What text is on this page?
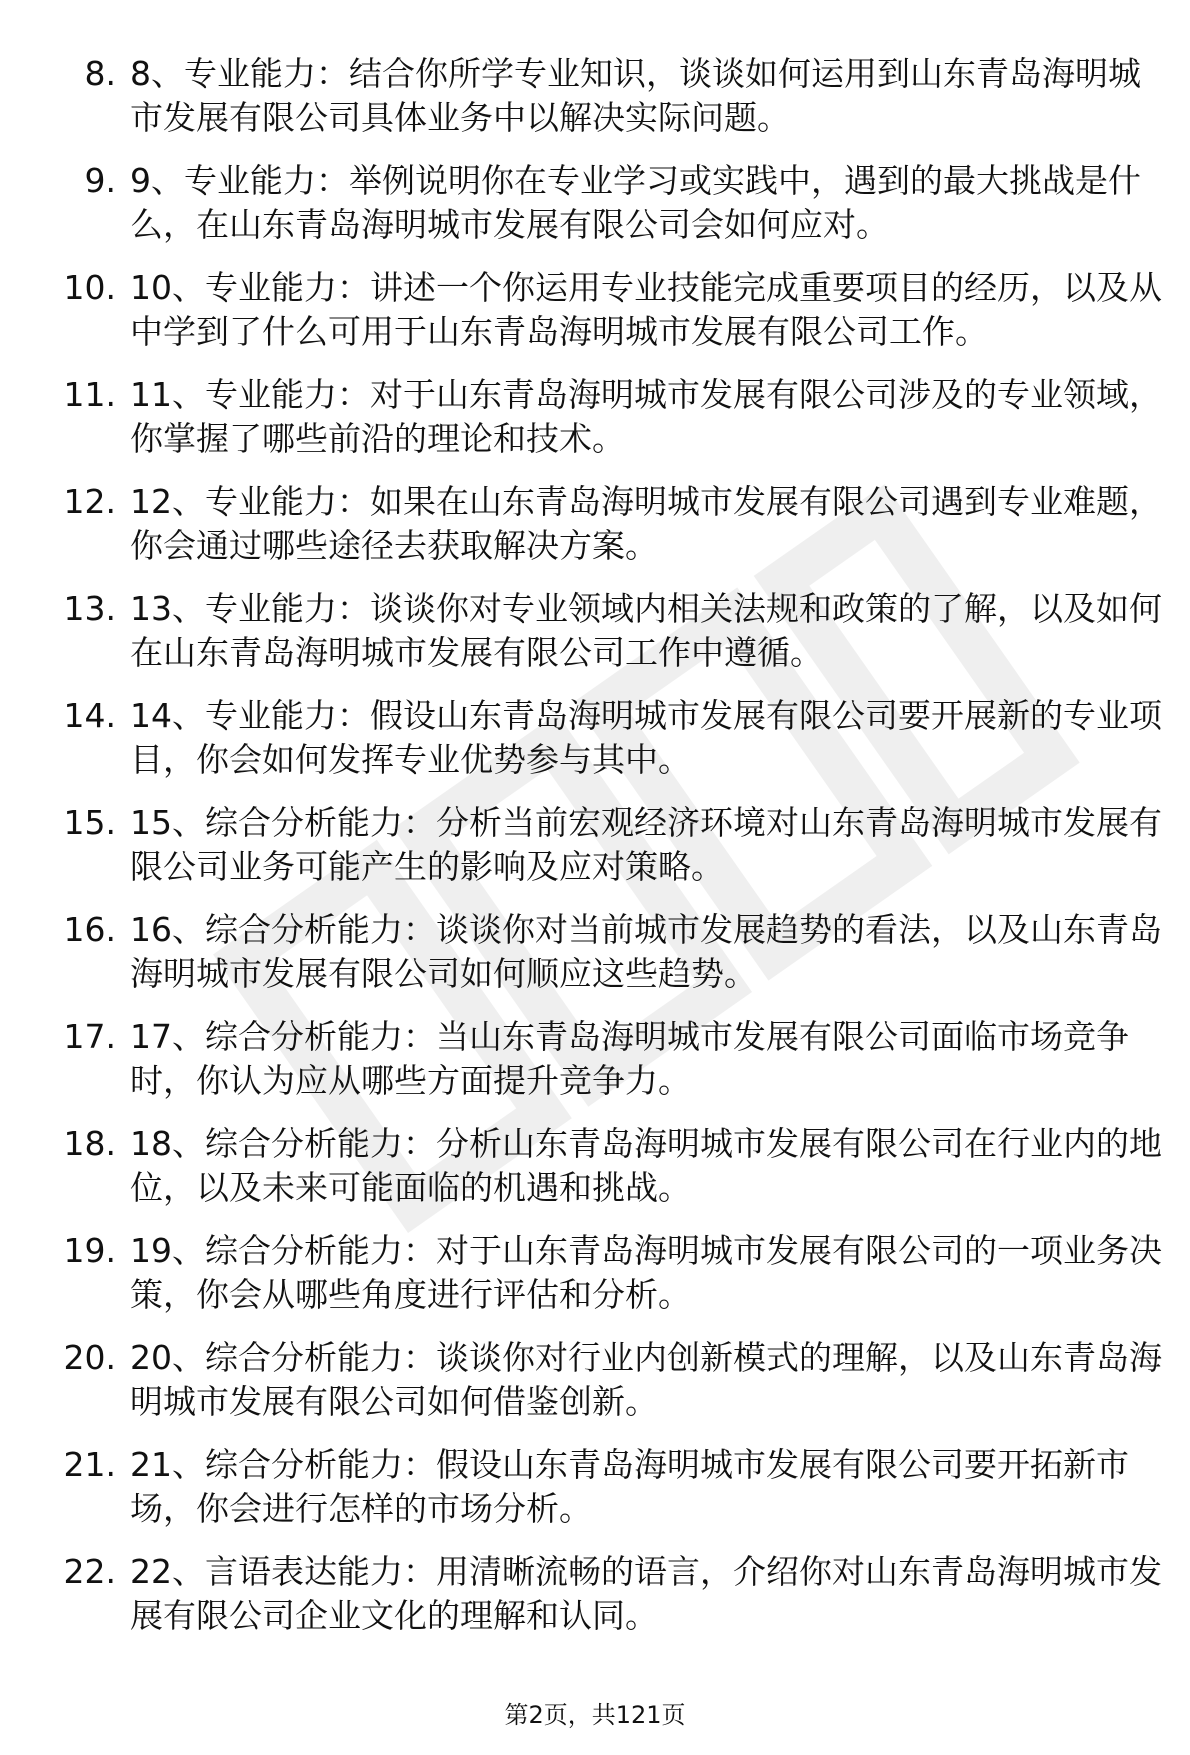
8. 8、专业能力：结合你所学专业知识，谈谈如何运用到山东青岛海明城市发展有限公司具体业务中以解决实际问题。
9. 9、专业能力：举例说明你在专业学习或实践中，遇到的最大挑战是什么，在山东青岛海明城市发展有限公司会如何应对。
10. 10、专业能力：讲述一个你运用专业技能完成重要项目的经历，以及从中学到了什么可用于山东青岛海明城市发展有限公司工作。
11. 11、专业能力：对于山东青岛海明城市发展有限公司涉及的专业领域，你掌握了哪些前沿的理论和技术。
12. 12、专业能力：如果在山东青岛海明城市发展有限公司遇到专业难题，你会通过哪些途径去获取解决方案。
13. 13、专业能力：谈谈你对专业领域内相关法规和政策的了解，以及如何在山东青岛海明城市发展有限公司工作中遵循。
14. 14、专业能力：假设山东青岛海明城市发展有限公司要开展新的专业项目，你会如何发挥专业优势参与其中。
15. 15、综合分析能力：分析当前宏观经济环境对山东青岛海明城市发展有限公司业务可能产生的影响及应对策略。
16. 16、综合分析能力：谈谈你对当前城市发展趋势的看法，以及山东青岛海明城市发展有限公司如何顺应这些趋势。
17. 17、综合分析能力：当山东青岛海明城市发展有限公司面临市场竞争时，你认为应从哪些方面提升竞争力。
18. 18、综合分析能力：分析山东青岛海明城市发展有限公司在行业内的地位，以及未来可能面临的机遇和挑战。
19. 19、综合分析能力：对于山东青岛海明城市发展有限公司的一项业务决策，你会从哪些角度进行评估和分析。
20. 20、综合分析能力：谈谈你对行业内创新模式的理解，以及山东青岛海明城市发展有限公司如何借鉴创新。
21. 21、综合分析能力：假设山东青岛海明城市发展有限公司要开拓新市场，你会进行怎样的市场分析。
22. 22、言语表达能力：用清晰流畅的语言，介绍你对山东青岛海明城市发展有限公司企业文化的理解和认同。
第2页，共121页
